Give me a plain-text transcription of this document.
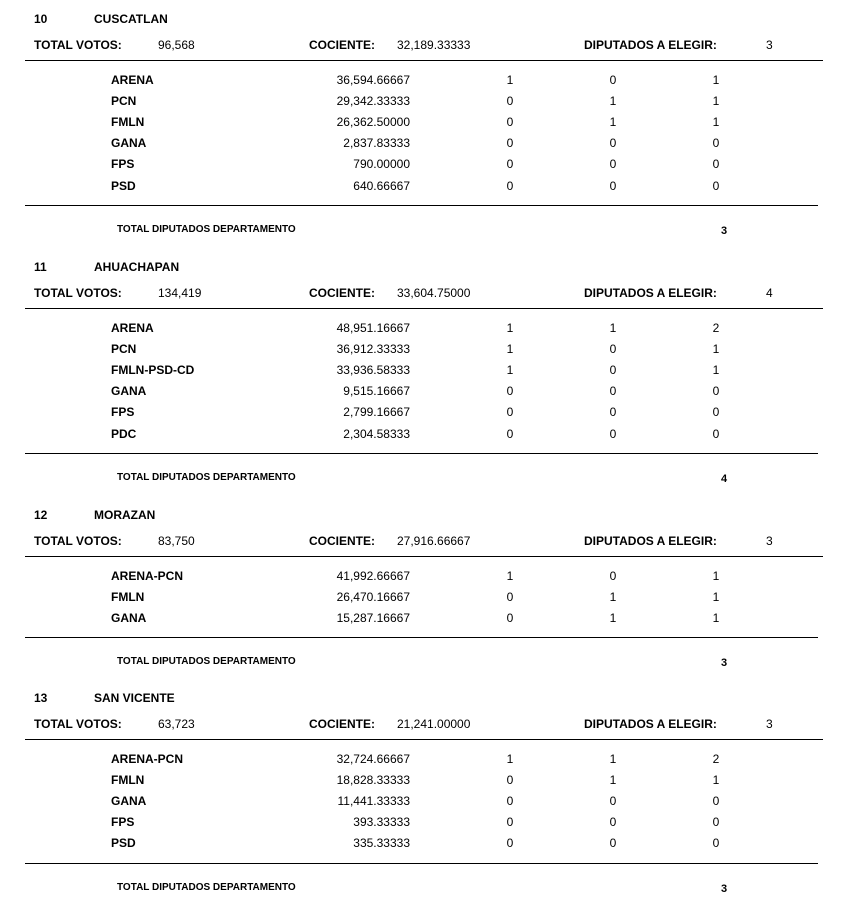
10	CUSCATLAN
TOTAL VOTOS:	96,568	COCIENTE: 32,189.33333	DIPUTADOS A ELEGIR:	3
ARENA	36,594.66667	1	0	1
PCN	29,342.33333	0	1	1
FMLN	26,362.50000	0	1	1
GANA	2,837.83333	0	0	0
FPS	790.00000	0	0	0
PSD	640.66667	0	0	0
TOTAL DIPUTADOS DEPARTAMENTO	3
11	AHUACHAPAN
TOTAL VOTOS:	134,419	COCIENTE: 33,604.75000	DIPUTADOS A ELEGIR:	4
ARENA	48,951.16667	1	1	2
PCN	36,912.33333	1	0	1
FMLN-PSD-CD	33,936.58333	1	0	1
GANA	9,515.16667	0	0	0
FPS	2,799.16667	0	0	0
PDC	2,304.58333	0	0	0
TOTAL DIPUTADOS DEPARTAMENTO	4
12	MORAZAN
TOTAL VOTOS:	83,750	COCIENTE: 27,916.66667	DIPUTADOS A ELEGIR:	3
ARENA-PCN	41,992.66667	1	0	1
FMLN	26,470.16667	0	1	1
GANA	15,287.16667	0	1	1
TOTAL DIPUTADOS DEPARTAMENTO	3
13	SAN VICENTE
TOTAL VOTOS:	63,723	COCIENTE: 21,241.00000	DIPUTADOS A ELEGIR:	3
ARENA-PCN	32,724.66667	1	1	2
FMLN	18,828.33333	0	1	1
GANA	11,441.33333	0	0	0
FPS	393.33333	0	0	0
PSD	335.33333	0	0	0
TOTAL DIPUTADOS DEPARTAMENTO	3
